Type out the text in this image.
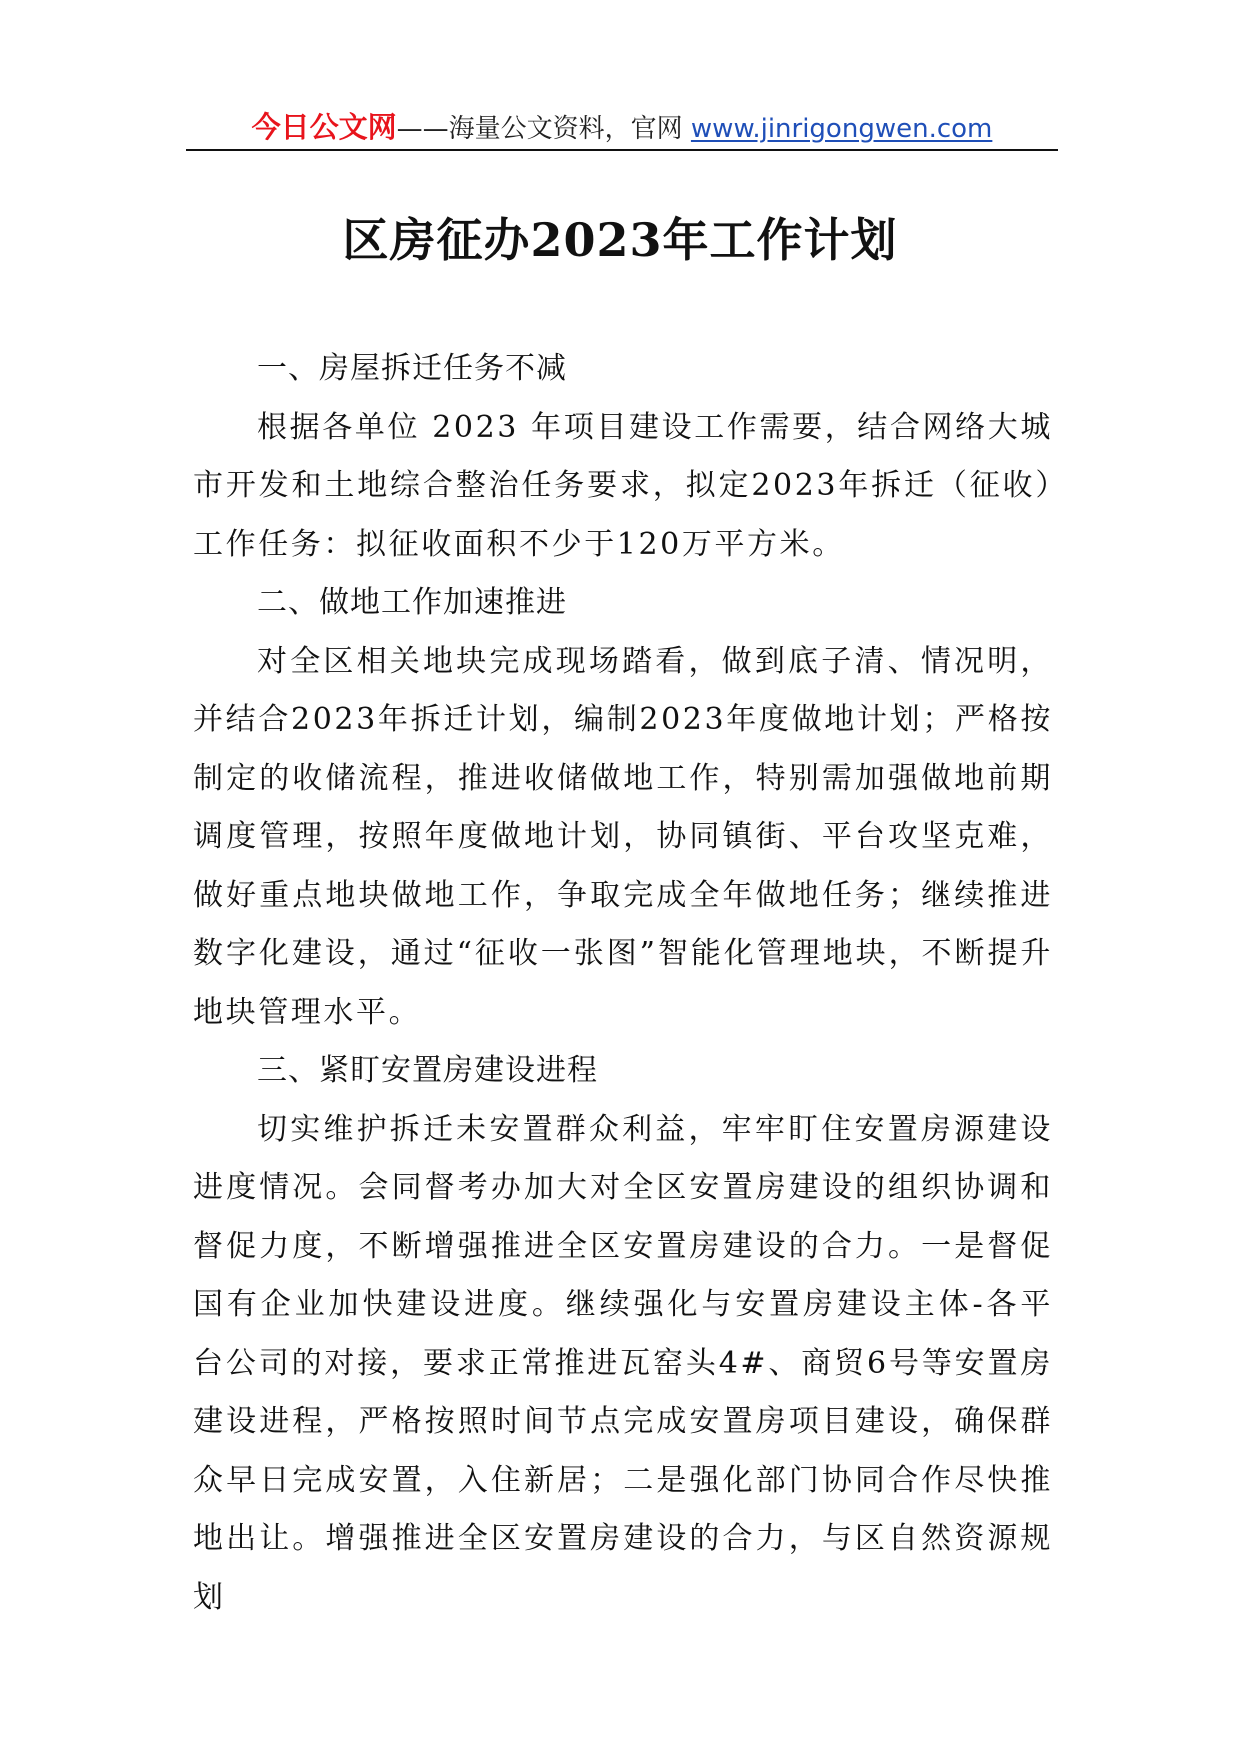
今日公文网——海量公文资料，官网 www.jinrigongwen.com
区房征办2023年工作计划
一、房屋拆迁任务不减

根据各单位 2023 年项目建设工作需要，结合网络大城市开发和土地综合整治任务要求，拟定2023年拆迁（征收）工作任务：拟征收面积不少于120万平方米。

二、做地工作加速推进

对全区相关地块完成现场踏看，做到底子清、情况明，并结合2023年拆迁计划，编制2023年度做地计划；严格按制定的收储流程，推进收储做地工作，特别需加强做地前期调度管理，按照年度做地计划，协同镇街、平台攻坚克难，做好重点地块做地工作，争取完成全年做地任务；继续推进数字化建设，通过“征收一张图”智能化管理地块，不断提升地块管理水平。

三、紧盯安置房建设进程

切实维护拆迁未安置群众利益，牢牢盯住安置房源建设进度情况。会同督考办加大对全区安置房建设的组织协调和督促力度，不断增强推进全区安置房建设的合力。一是督促国有企业加快建设进度。继续强化与安置房建设主体-各平台公司的对接，要求正常推进瓦窑头4#、商贸6号等安置房建设进程，严格按照时间节点完成安置房项目建设，确保群众早日完成安置，入住新居；二是强化部门协同合作尽快推地出让。增强推进全区安置房建设的合力，与区自然资源规划
